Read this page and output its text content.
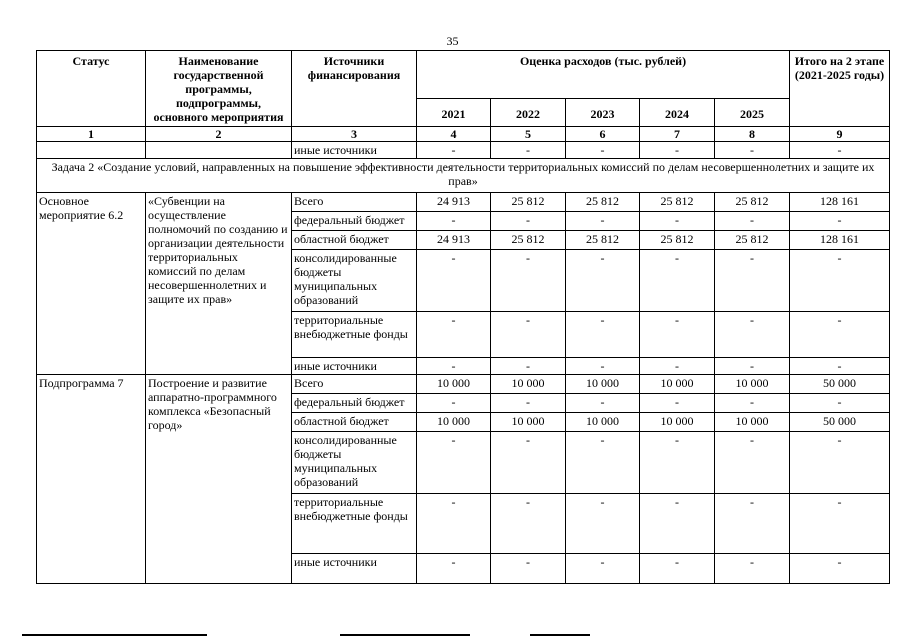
35
Статус	Наименование государственной программы, подпрограммы, основного мероприятия	Источники финансирования	Оценка расходов (тыс. рублей)					Итого на 2 этапе (2021-2025 годы)
			2021	2022	2023	2024	2025	
1	2	3	4	5	6	7	8	9
		иные источники	-	-	-	-	-	-
Задача 2 «Создание условий, направленных на повышение эффективности деятельности территориальных комиссий по делам несовершеннолетних и защите их прав»								
Основное мероприятие 6.2	«Субвенции на осуществление полномочий по созданию и организации деятельности территориальных комиссий по делам несовершеннолетних и защите их прав»	Всего	24 913	25 812	25 812	25 812	25 812	128 161
		федеральный бюджет	-	-	-	-	-	-
		областной бюджет	24 913	25 812	25 812	25 812	25 812	128 161
		консолидированные бюджеты муниципальных образований	-	-	-	-	-	-
		территориальные внебюджетные фонды	-	-	-	-	-	-
		иные источники	-	-	-	-	-	-
Подпрограмма 7	Построение и развитие аппаратно-программного комплекса «Безопасный город»	Всего	10 000	10 000	10 000	10 000	10 000	50 000
		федеральный бюджет	-	-	-	-	-	-
		областной бюджет	10 000	10 000	10 000	10 000	10 000	50 000
		консолидированные бюджеты муниципальных образований	-	-	-	-	-	-
		территориальные внебюджетные фонды	-	-	-	-	-	-
		иные источники	-	-	-	-	-	-
